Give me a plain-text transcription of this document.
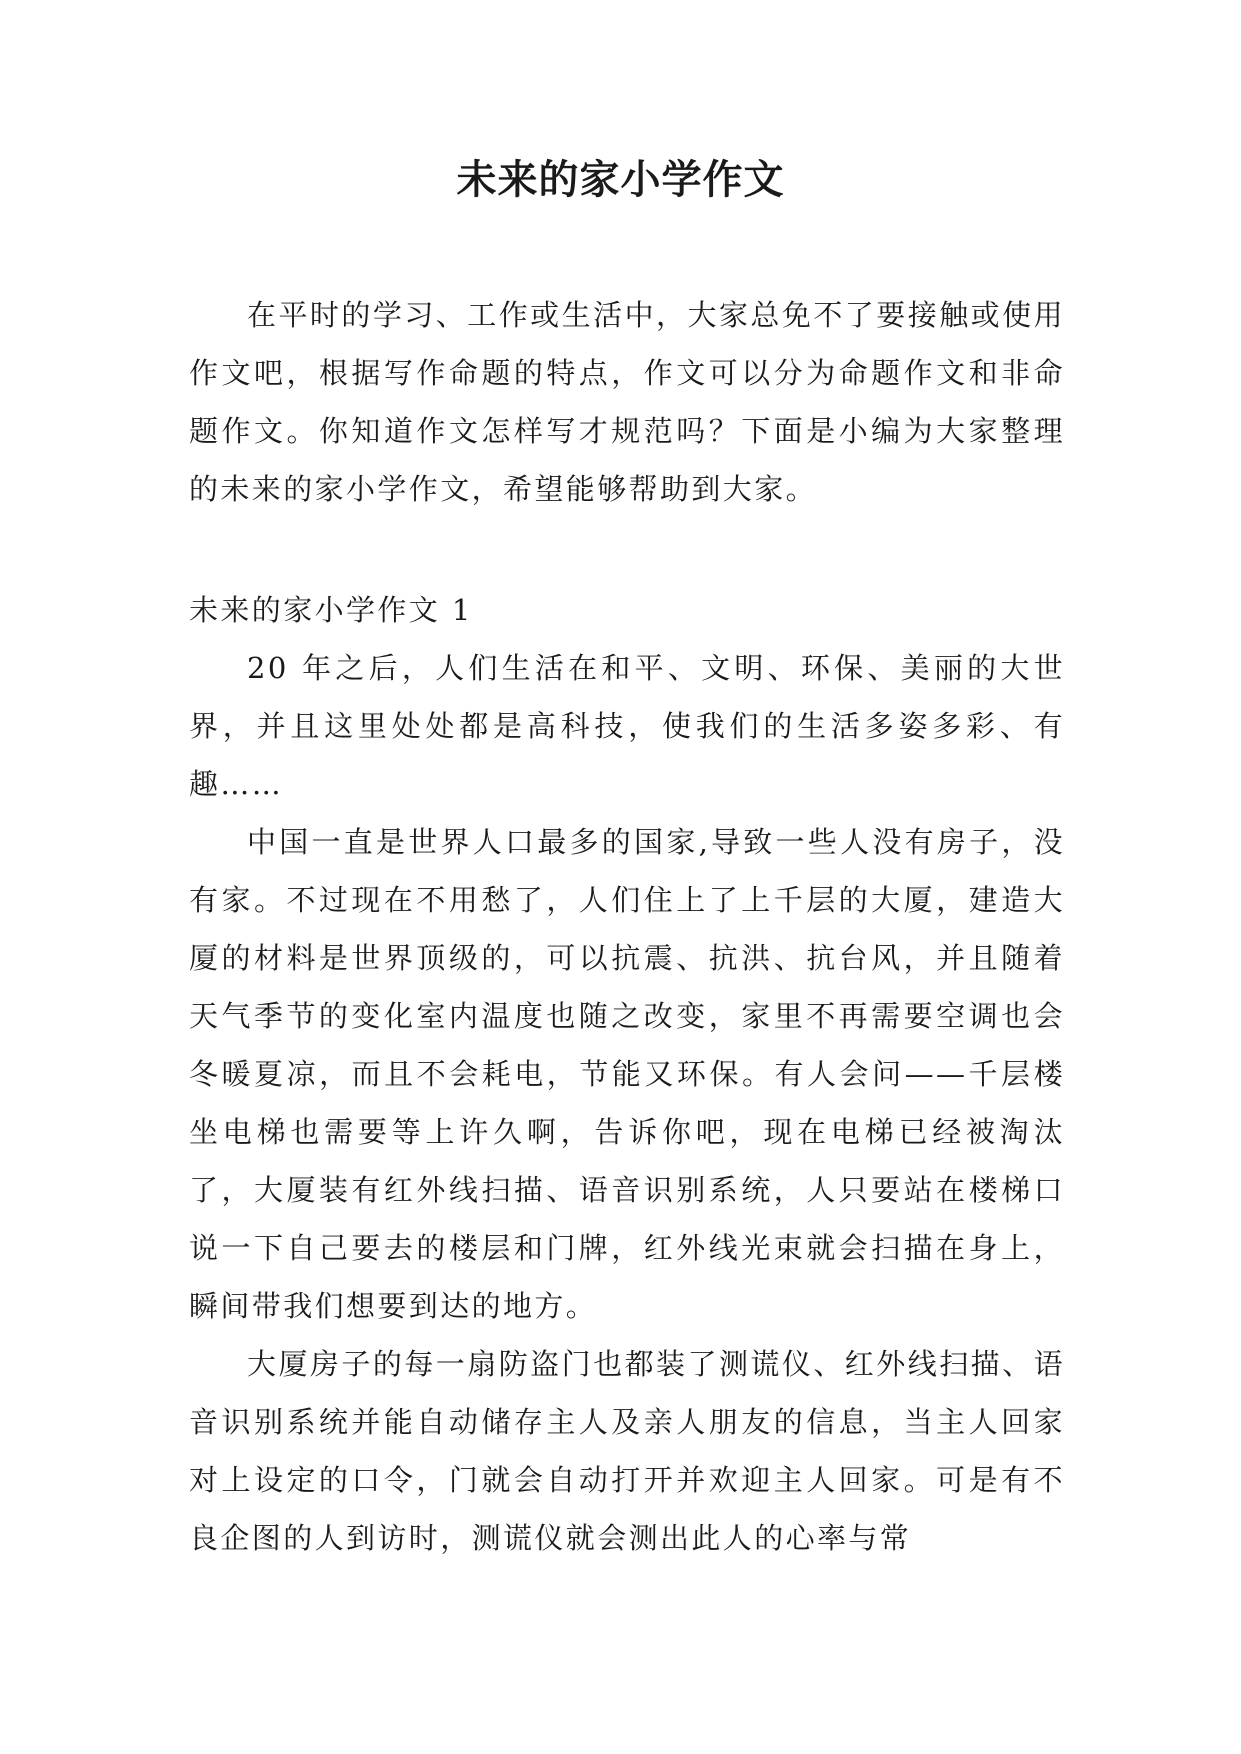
未来的家小学作文

在平时的学习、工作或生活中，大家总免不了要接触或使用作文吧，根据写作命题的特点，作文可以分为命题作文和非命题作文。你知道作文怎样写才规范吗？下面是小编为大家整理的未来的家小学作文，希望能够帮助到大家。

未来的家小学作文 1

20 年之后，人们生活在和平、文明、环保、美丽的大世界，并且这里处处都是高科技，使我们的生活多姿多彩、有趣……

中国一直是世界人口最多的国家,导致一些人没有房子，没有家。不过现在不用愁了，人们住上了上千层的大厦，建造大厦的材料是世界顶级的，可以抗震、抗洪、抗台风，并且随着天气季节的变化室内温度也随之改变，家里不再需要空调也会冬暖夏凉，而且不会耗电，节能又环保。有人会问——千层楼坐电梯也需要等上许久啊，告诉你吧，现在电梯已经被淘汰了，大厦装有红外线扫描、语音识别系统，人只要站在楼梯口说一下自己要去的楼层和门牌，红外线光束就会扫描在身上，瞬间带我们想要到达的地方。

大厦房子的每一扇防盗门也都装了测谎仪、红外线扫描、语音识别系统并能自动储存主人及亲人朋友的信息，当主人回家对上设定的口令，门就会自动打开并欢迎主人回家。可是有不良企图的人到访时，测谎仪就会测出此人的心率与常
